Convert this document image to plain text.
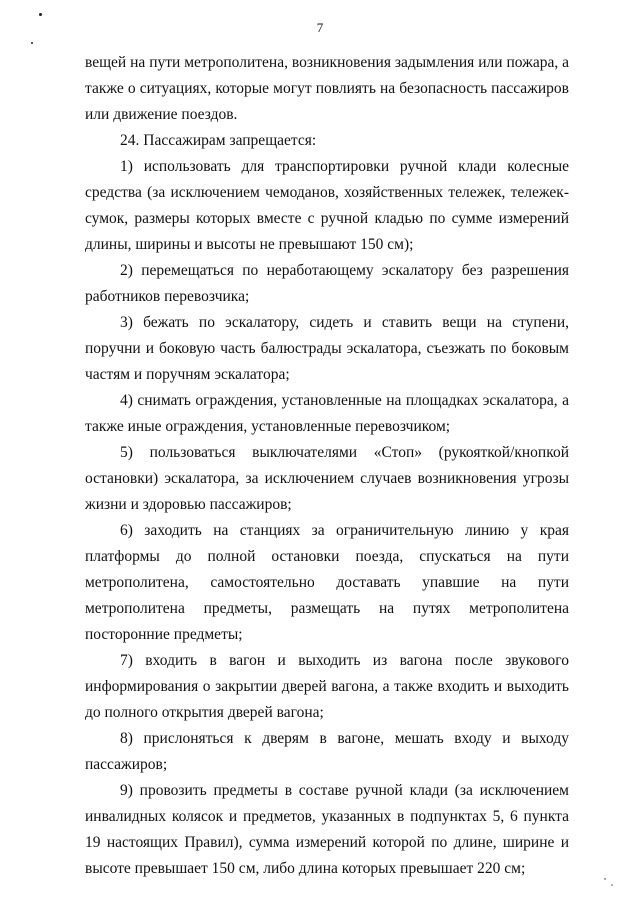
7

вещей на пути метрополитена, возникновения задымления или пожара, а также о ситуациях, которые могут повлиять на безопасность пассажиров или движение поездов.

24. Пассажирам запрещается:

1) использовать для транспортировки ручной клади колесные средства (за исключением чемоданов, хозяйственных тележек, тележек-сумок, размеры которых вместе с ручной кладью по сумме измерений длины, ширины и высоты не превышают 150 см);

2) перемещаться по неработающему эскалатору без разрешения работников перевозчика;

3) бежать по эскалатору, сидеть и ставить вещи на ступени, поручни и боковую часть балюстрады эскалатора, съезжать по боковым частям и поручням эскалатора;

4) снимать ограждения, установленные на площадках эскалатора, а также иные ограждения, установленные перевозчиком;

5) пользоваться выключателями «Стоп» (рукояткой/кнопкой остановки) эскалатора, за исключением случаев возникновения угрозы жизни и здоровью пассажиров;

6) заходить на станциях за ограничительную линию у края платформы до полной остановки поезда, спускаться на пути метрополитена, самостоятельно доставать упавшие на пути метрополитена предметы, размещать на путях метрополитена посторонние предметы;

7) входить в вагон и выходить из вагона после звукового информирования о закрытии дверей вагона, а также входить и выходить до полного открытия дверей вагона;

8) прислоняться к дверям в вагоне, мешать входу и выходу пассажиров;

9) провозить предметы в составе ручной клади (за исключением инвалидных колясок и предметов, указанных в подпунктах 5, 6 пункта 19 настоящих Правил), сумма измерений которой по длине, ширине и высоте превышает 150 см, либо длина которых превышает 220 см;
